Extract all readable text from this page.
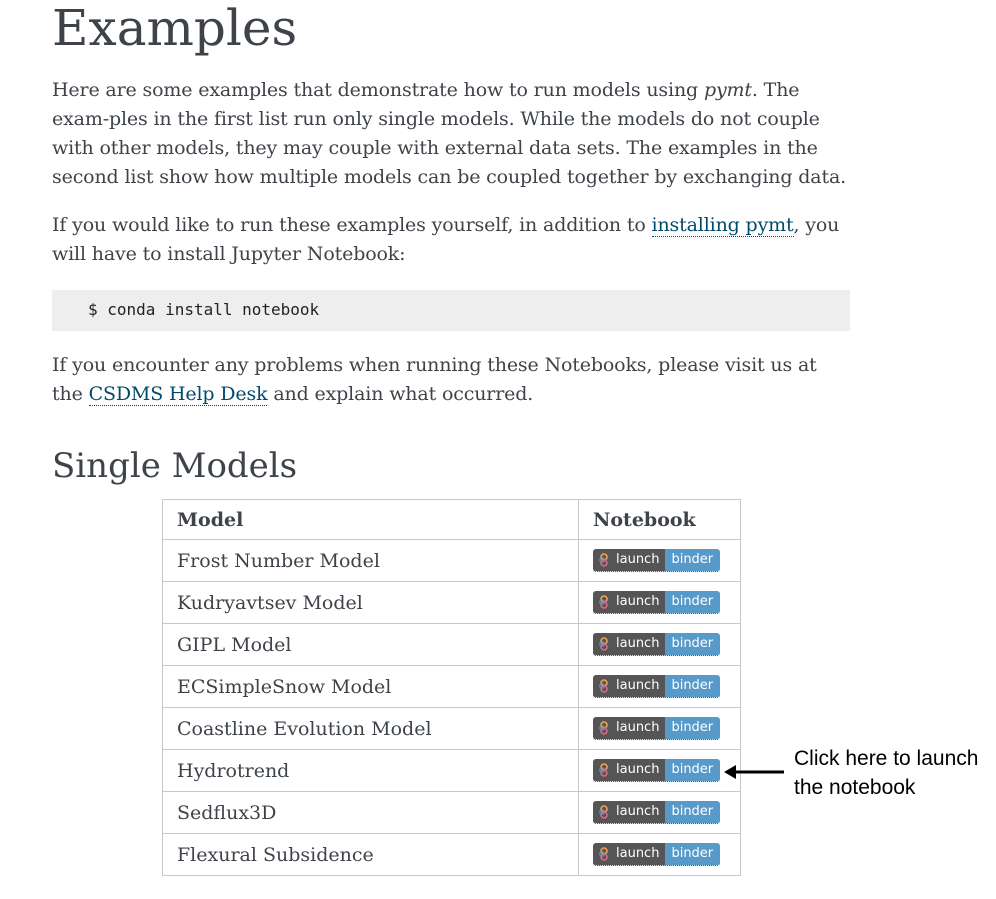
Examples

Here are some examples that demonstrate how to run models using pymt. The exam-ples in the first list run only single models. While the models do not couple with other models, they may couple with external data sets. The examples in the second list show how multiple models can be coupled together by exchanging data.

If you would like to run these examples yourself, in addition to installing pymt, you will have to install Jupyter Notebook:

$ conda install notebook

If you encounter any problems when running these Notebooks, please visit us at the CSDMS Help Desk and explain what occurred.

Single Models
Model	Notebook
Frost Number Model	launch binder

Kudryavtsev Model	launch binder

GIPL Model	launch binder

ECSimpleSnow Model	launch binder

Coastline Evolution Model	launch binder

Hydrotrend	launch binder

Sedflux3D	launch binder

Flexural Subsidence	launch binder
Click here to launch
the notebook
